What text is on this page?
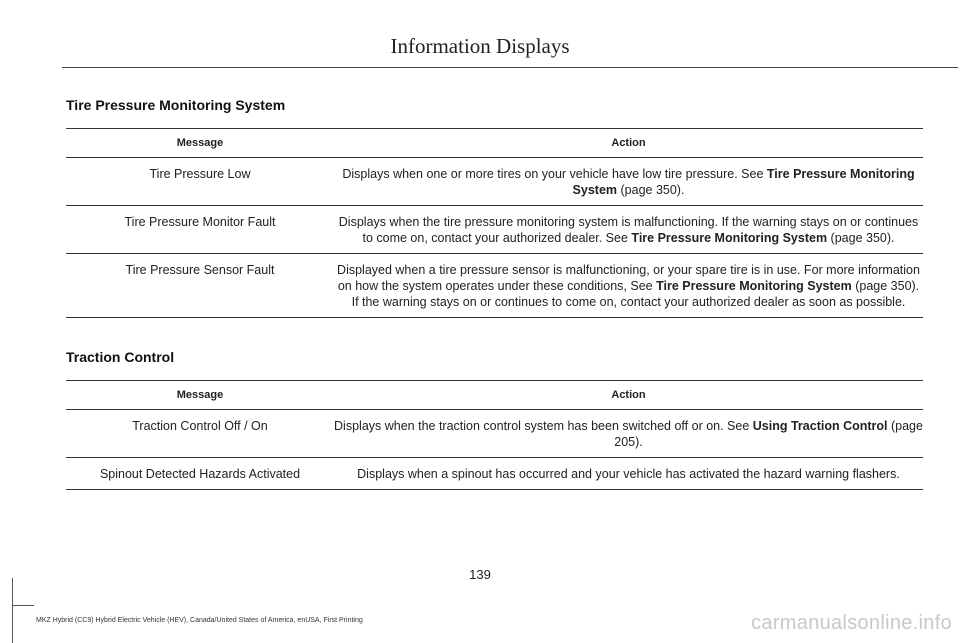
Information Displays
Tire Pressure Monitoring System
Message	Action
Tire Pressure Low	Displays when one or more tires on your vehicle have low tire pressure. See Tire Pressure Monitoring System (page 350).
Tire Pressure Monitor Fault	Displays when the tire pressure monitoring system is malfunctioning. If the warning stays on or continues to come on, contact your authorized dealer. See Tire Pressure Monitoring System (page 350).
Tire Pressure Sensor Fault	Displayed when a tire pressure sensor is malfunctioning, or your spare tire is in use. For more information on how the system operates under these conditions, See Tire Pressure Monitoring System (page 350). If the warning stays on or continues to come on, contact your authorized dealer as soon as possible.
Traction Control
Message	Action
Traction Control Off / On	Displays when the traction control system has been switched off or on. See Using Traction Control (page 205).
Spinout Detected Hazards Activated	Displays when a spinout has occurred and your vehicle has activated the hazard warning flashers.
139
MKZ Hybrid (CC9) Hybrid Electric Vehicle (HEV), Canada/United States of America, enUSA, First Printing	carmanualsonline.info
